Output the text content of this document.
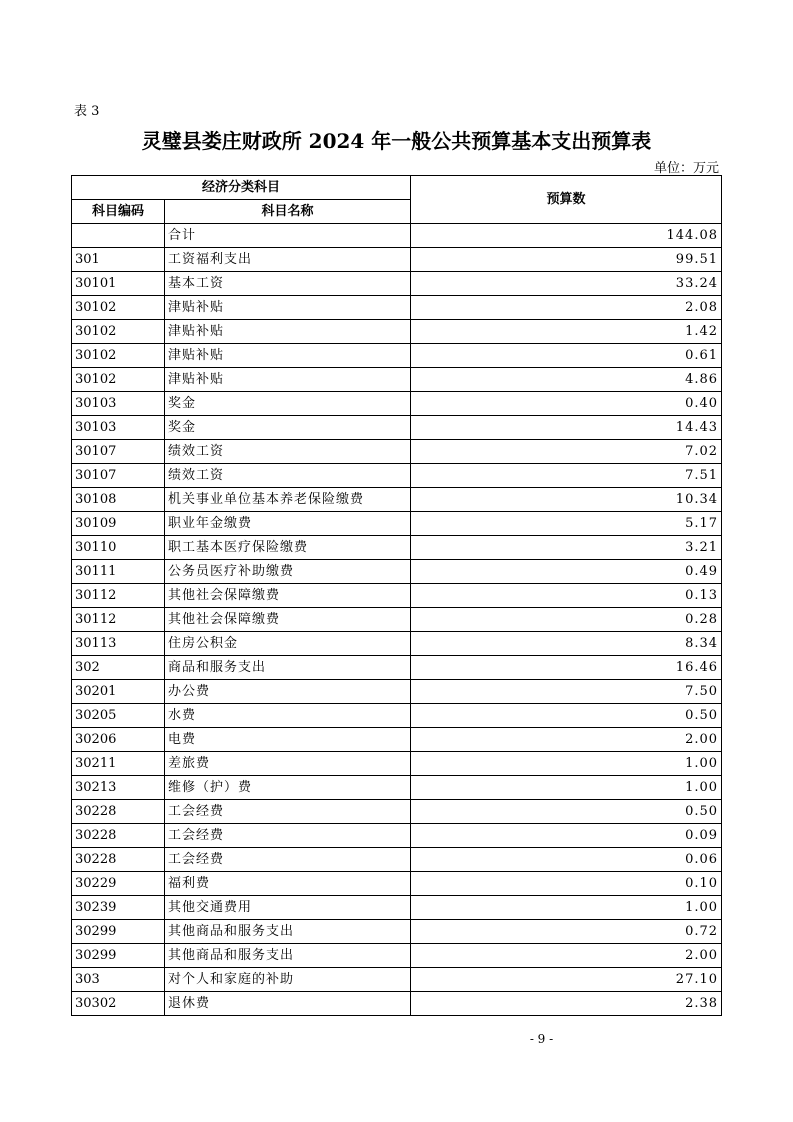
表 3
灵璧县娄庄财政所 2024 年一般公共预算基本支出预算表
单位：万元
经济分类科目		预算数
科目编码	科目名称	
	合计	144.08
301	工资福利支出	99.51
30101	基本工资	33.24
30102	津贴补贴	2.08
30102	津贴补贴	1.42
30102	津贴补贴	0.61
30102	津贴补贴	4.86
30103	奖金	0.40
30103	奖金	14.43
30107	绩效工资	7.02
30107	绩效工资	7.51
30108	机关事业单位基本养老保险缴费	10.34
30109	职业年金缴费	5.17
30110	职工基本医疗保险缴费	3.21
30111	公务员医疗补助缴费	0.49
30112	其他社会保障缴费	0.13
30112	其他社会保障缴费	0.28
30113	住房公积金	8.34
302	商品和服务支出	16.46
30201	办公费	7.50
30205	水费	0.50
30206	电费	2.00
30211	差旅费	1.00
30213	维修（护）费	1.00
30228	工会经费	0.50
30228	工会经费	0.09
30228	工会经费	0.06
30229	福利费	0.10
30239	其他交通费用	1.00
30299	其他商品和服务支出	0.72
30299	其他商品和服务支出	2.00
303	对个人和家庭的补助	27.10
30302	退休费	2.38
- 9 -
